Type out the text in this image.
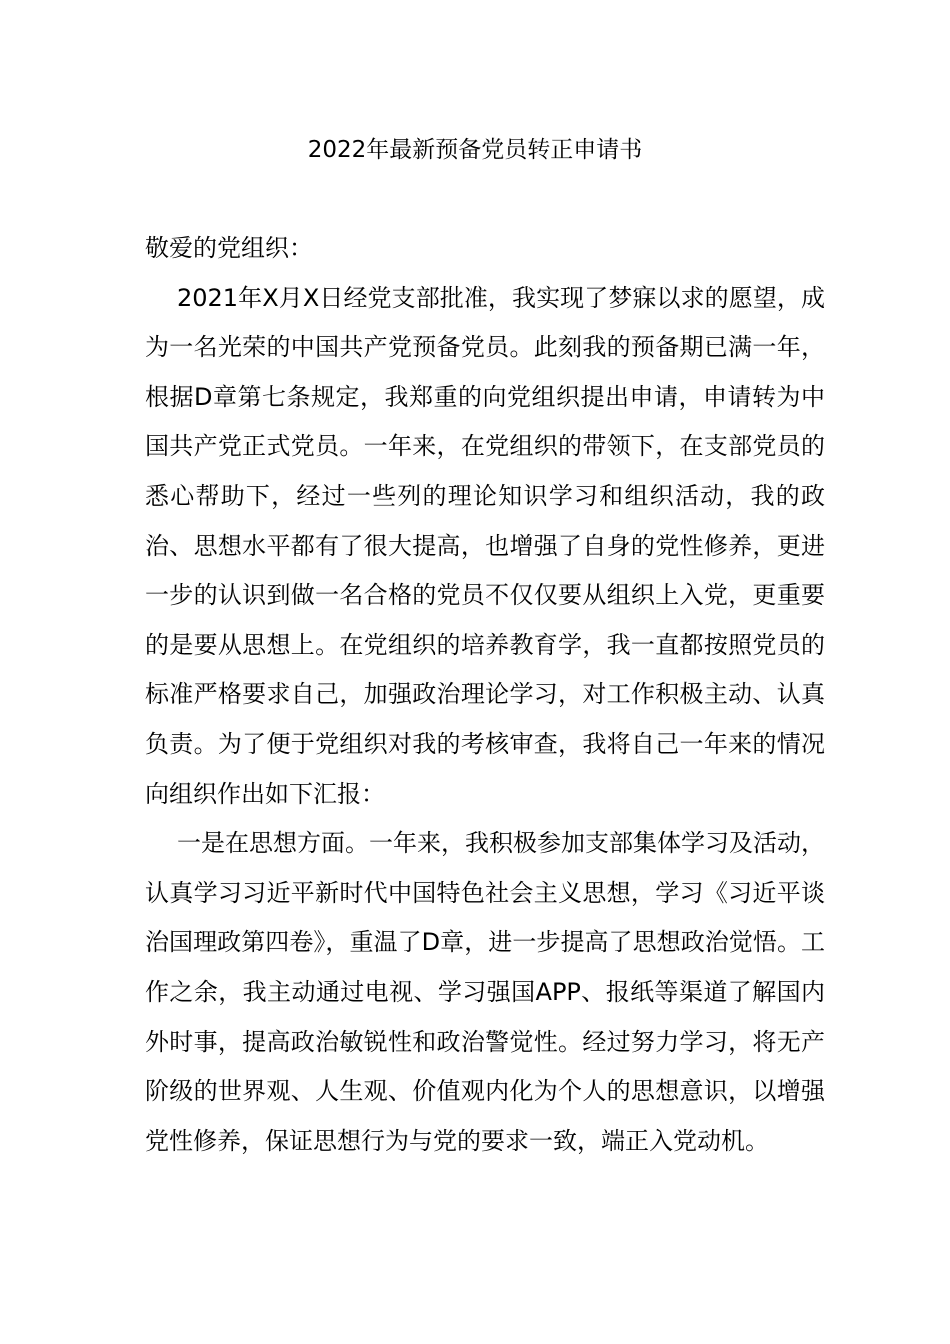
2022年最新预备党员转正申请书

敬爱的党组织：

2021年X月X日经党支部批准，我实现了梦寐以求的愿望，成为一名光荣的中国共产党预备党员。此刻我的预备期已满一年，根据D章第七条规定，我郑重的向党组织提出申请，申请转为中国共产党正式党员。一年来，在党组织的带领下，在支部党员的悉心帮助下，经过一些列的理论知识学习和组织活动，我的政治、思想水平都有了很大提高，也增强了自身的党性修养，更进一步的认识到做一名合格的党员不仅仅要从组织上入党，更重要的是要从思想上。在党组织的培养教育学，我一直都按照党员的标准严格要求自己，加强政治理论学习，对工作积极主动、认真负责。为了便于党组织对我的考核审查，我将自己一年来的情况向组织作出如下汇报：

一是在思想方面。一年来，我积极参加支部集体学习及活动，认真学习习近平新时代中国特色社会主义思想，学习《习近平谈治国理政第四卷》，重温了D章，进一步提高了思想政治觉悟。工作之余，我主动通过电视、学习强国APP、报纸等渠道了解国内外时事，提高政治敏锐性和政治警觉性。经过努力学习，将无产阶级的世界观、人生观、价值观内化为个人的思想意识，以增强党性修养，保证思想行为与党的要求一致，端正入党动机。
